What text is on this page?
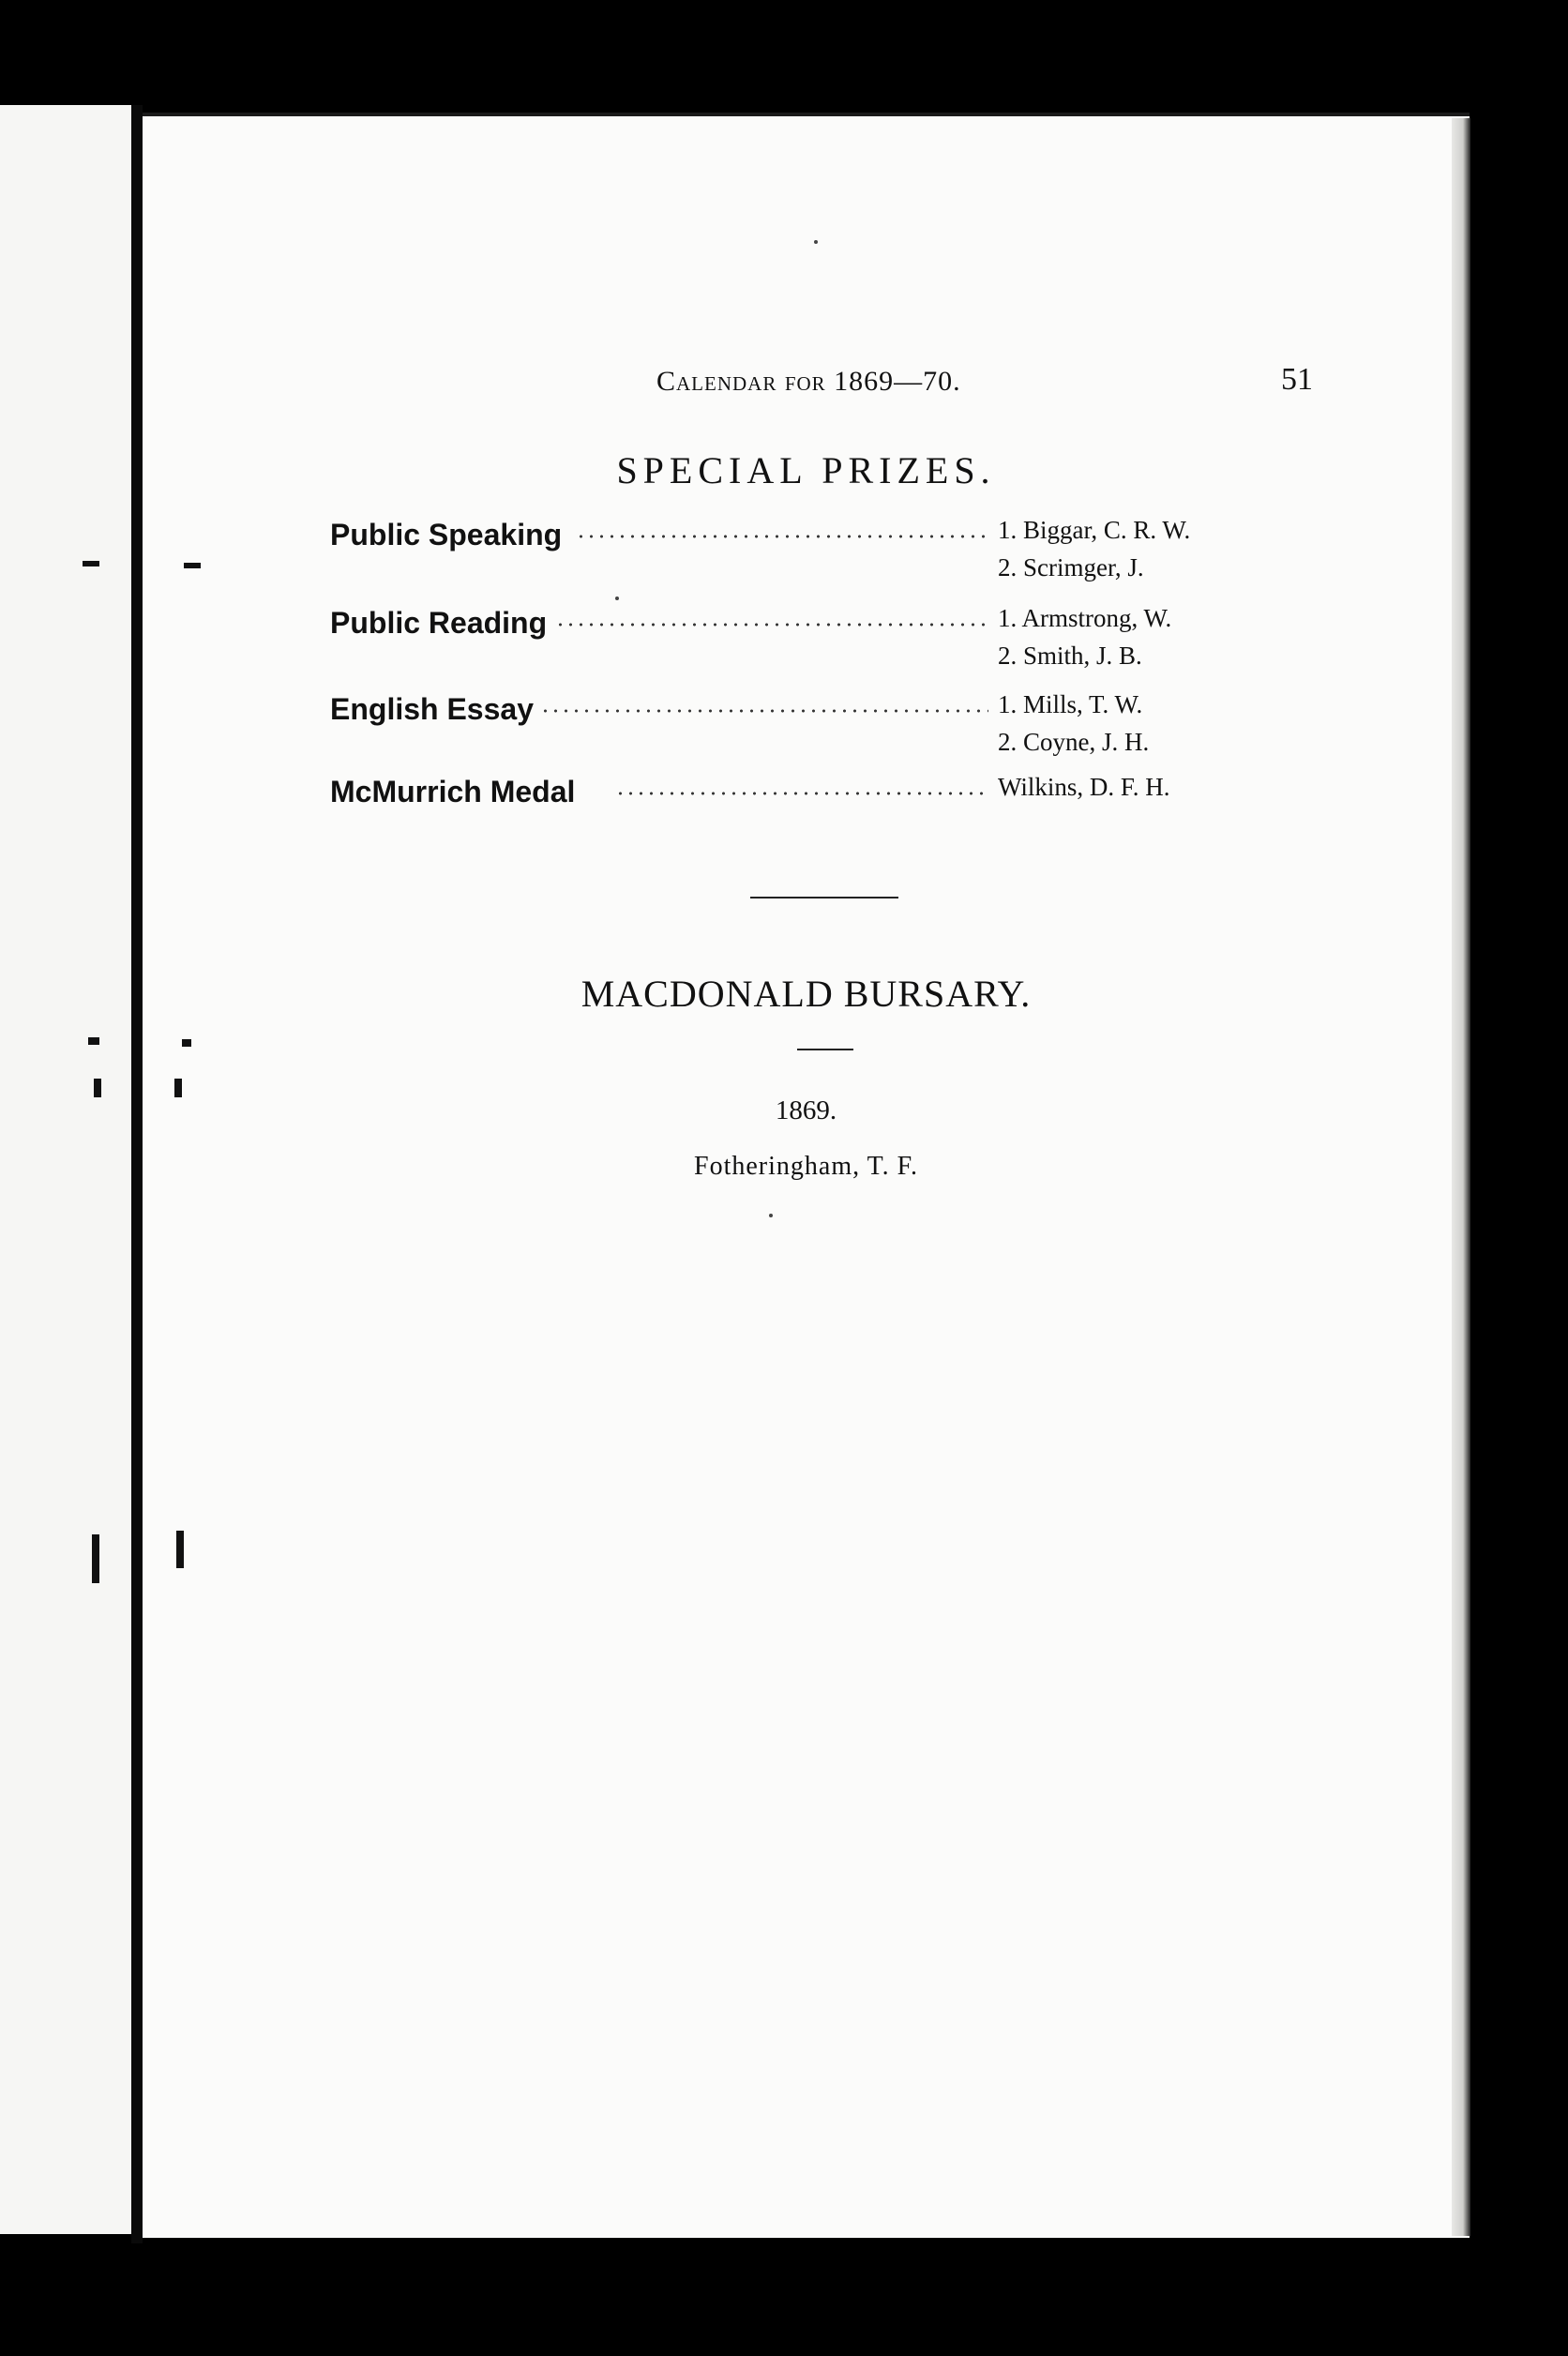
Calendar for 1869—70.	51
SPECIAL PRIZES.
Public Speaking	1. Biggar, C. R. W.
2. Scrimger, J.
Public Reading	1. Armstrong, W.
2. Smith, J. B.
English Essay	1. Mills, T. W.
2. Coyne, J. H.
McMurrich Medal	Wilkins, D. F. H.
MACDONALD BURSARY.
1869.
Fotheringham, T. F.
